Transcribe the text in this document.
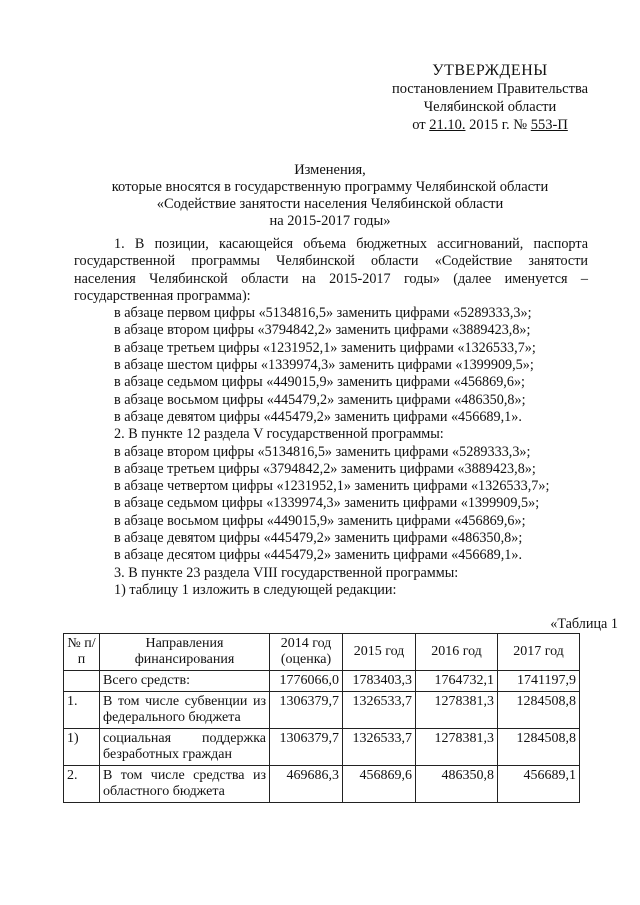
УТВЕРЖДЕНЫ
постановлением Правительства
Челябинской области
от 21.10. 2015 г. № 553-П
Изменения,
которые вносятся в государственную программу Челябинской области
«Содействие занятости населения Челябинской области
на 2015-2017 годы»

1. В позиции, касающейся объема бюджетных ассигнований, паспорта государственной программы Челябинской области «Содействие занятости населения Челябинской области на 2015-2017 годы» (далее именуется – государственная программа):

в абзаце первом цифры «5134816,5» заменить цифрами «5289333,3»;

в абзаце втором цифры «3794842,2» заменить цифрами «3889423,8»;

в абзаце третьем цифры «1231952,1» заменить цифрами «1326533,7»;

в абзаце шестом цифры «1339974,3» заменить цифрами «1399909,5»;

в абзаце седьмом цифры «449015,9» заменить цифрами «456869,6»;

в абзаце восьмом цифры «445479,2» заменить цифрами «486350,8»;

в абзаце девятом цифры «445479,2» заменить цифрами «456689,1».

2. В пункте 12 раздела V государственной программы:

в абзаце втором цифры «5134816,5» заменить цифрами «5289333,3»;

в абзаце третьем цифры «3794842,2» заменить цифрами «3889423,8»;

в абзаце четвертом цифры «1231952,1» заменить цифрами «1326533,7»;

в абзаце седьмом цифры «1339974,3» заменить цифрами «1399909,5»;

в абзаце восьмом цифры «449015,9» заменить цифрами «456869,6»;

в абзаце девятом цифры «445479,2» заменить цифрами «486350,8»;

в абзаце десятом цифры «445479,2» заменить цифрами «456689,1».

3. В пункте 23 раздела VIII государственной программы:

1) таблицу 1 изложить в следующей редакции:

«Таблица 1
№ п/п	Направления финансирования	2014 год (оценка)	2015 год	2016 год	2017 год
	Всего средств:	1776066,0	1783403,3	1764732,1	1741197,9
1.	В том числе субвенции из федерального бюджета	1306379,7	1326533,7	1278381,3	1284508,8
1)	социальная поддержка безработных граждан	1306379,7	1326533,7	1278381,3	1284508,8
2.	В том числе средства из областного бюджета	469686,3	456869,6	486350,8	456689,1
